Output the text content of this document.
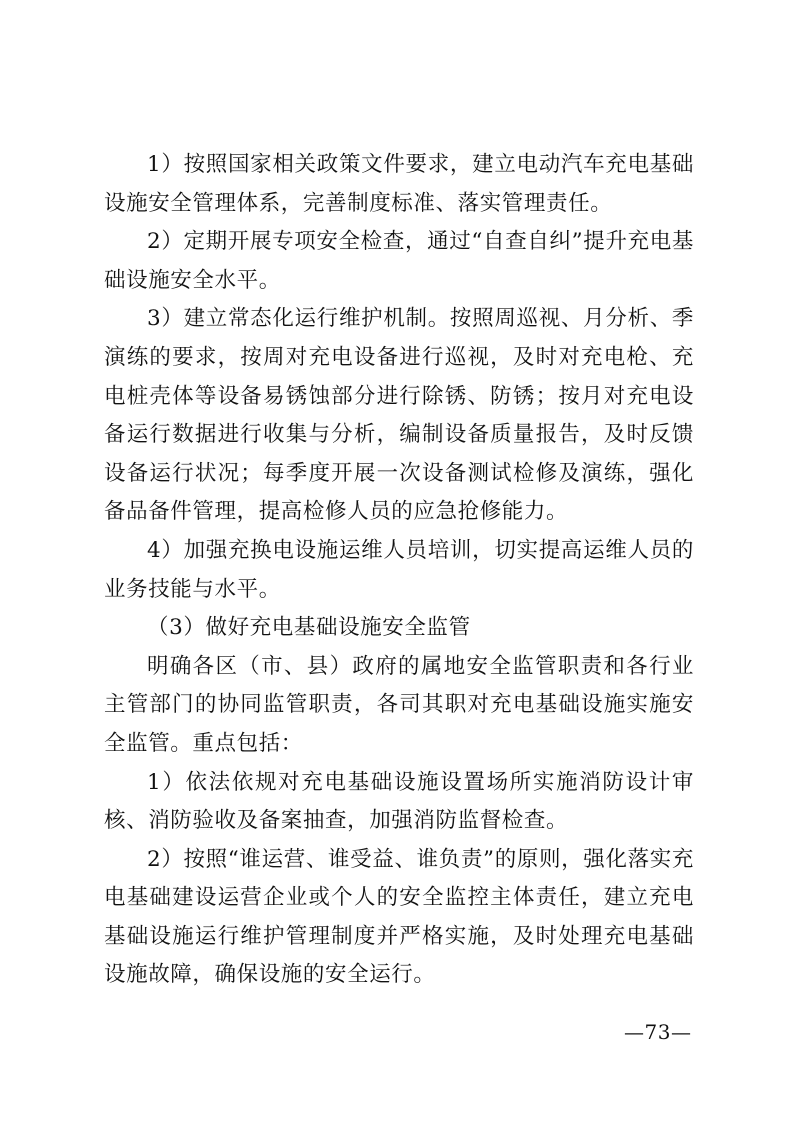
1）按照国家相关政策文件要求，建立电动汽车充电基础设施安全管理体系，完善制度标准、落实管理责任。

2）定期开展专项安全检查，通过“自查自纠”提升充电基础设施安全水平。

3）建立常态化运行维护机制。按照周巡视、月分析、季演练的要求，按周对充电设备进行巡视，及时对充电枪、充电桩壳体等设备易锈蚀部分进行除锈、防锈；按月对充电设备运行数据进行收集与分析，编制设备质量报告，及时反馈设备运行状况；每季度开展一次设备测试检修及演练，强化备品备件管理，提高检修人员的应急抢修能力。

4）加强充换电设施运维人员培训，切实提高运维人员的业务技能与水平。

（3）做好充电基础设施安全监管

明确各区（市、县）政府的属地安全监管职责和各行业主管部门的协同监管职责，各司其职对充电基础设施实施安全监管。重点包括：

1）依法依规对充电基础设施设置场所实施消防设计审核、消防验收及备案抽查，加强消防监督检查。

2）按照“谁运营、谁受益、谁负责”的原则，强化落实充电基础建设运营企业或个人的安全监控主体责任，建立充电基础设施运行维护管理制度并严格实施，及时处理充电基础设施故障，确保设施的安全运行。

—73—
